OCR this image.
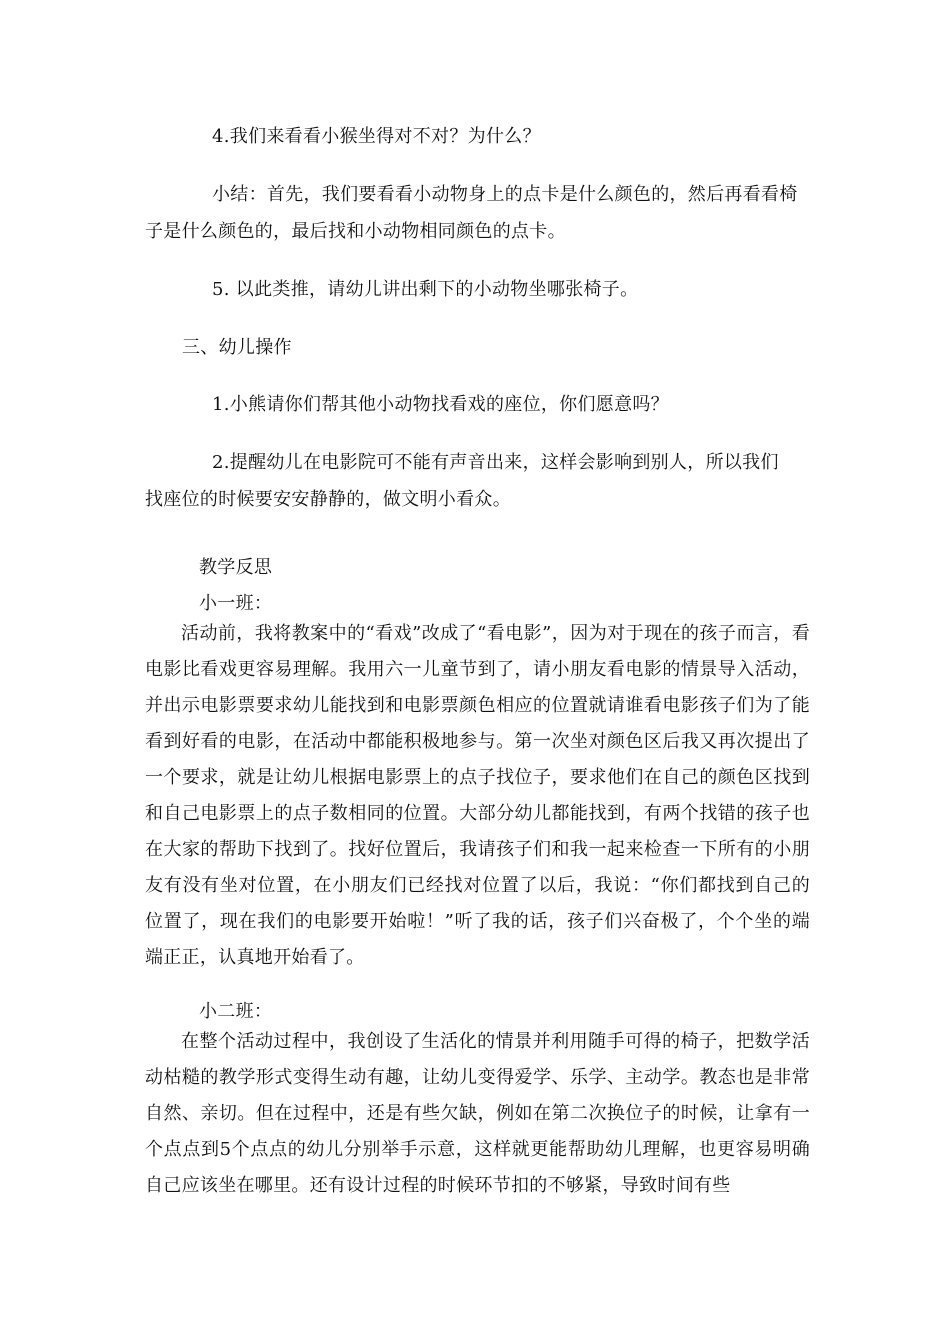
4.我们来看看小猴坐得对不对？为什么？
小结：首先，我们要看看小动物身上的点卡是什么颜色的，然后再看看椅
子是什么颜色的，最后找和小动物相同颜色的点卡。
5. 以此类推，请幼儿讲出剩下的小动物坐哪张椅子。
三、幼儿操作
1.小熊请你们帮其他小动物找看戏的座位，你们愿意吗？
2.提醒幼儿在电影院可不能有声音出来，这样会影响到别人，所以我们
找座位的时候要安安静静的，做文明小看众。
教学反思
小一班：
活动前，我将教案中的“看戏”改成了“看电影”，因为对于现在的孩子而言，看电影比看戏更容易理解。我用六一儿童节到了，请小朋友看电影的情景导入活动，并出示电影票要求幼儿能找到和电影票颜色相应的位置就请谁看电影孩子们为了能看到好看的电影，在活动中都能积极地参与。第一次坐对颜色区后我又再次提出了一个要求，就是让幼儿根据电影票上的点子找位子，要求他们在自己的颜色区找到和自己电影票上的点子数相同的位置。大部分幼儿都能找到，有两个找错的孩子也在大家的帮助下找到了。找好位置后，我请孩子们和我一起来检查一下所有的小朋友有没有坐对位置，在小朋友们已经找对位置了以后，我说：“你们都找到自己的位置了，现在我们的电影要开始啦！”听了我的话，孩子们兴奋极了，个个坐的端端正正，认真地开始看了。
小二班：
在整个活动过程中，我创设了生活化的情景并利用随手可得的椅子，把数学活动枯糙的教学形式变得生动有趣，让幼儿变得爱学、乐学、主动学。教态也是非常自然、亲切。但在过程中，还是有些欠缺，例如在第二次换位子的时候，让拿有一个点点到5个点点的幼儿分别举手示意，这样就更能帮助幼儿理解，也更容易明确自己应该坐在哪里。还有设计过程的时候环节扣的不够紧，导致时间有些
